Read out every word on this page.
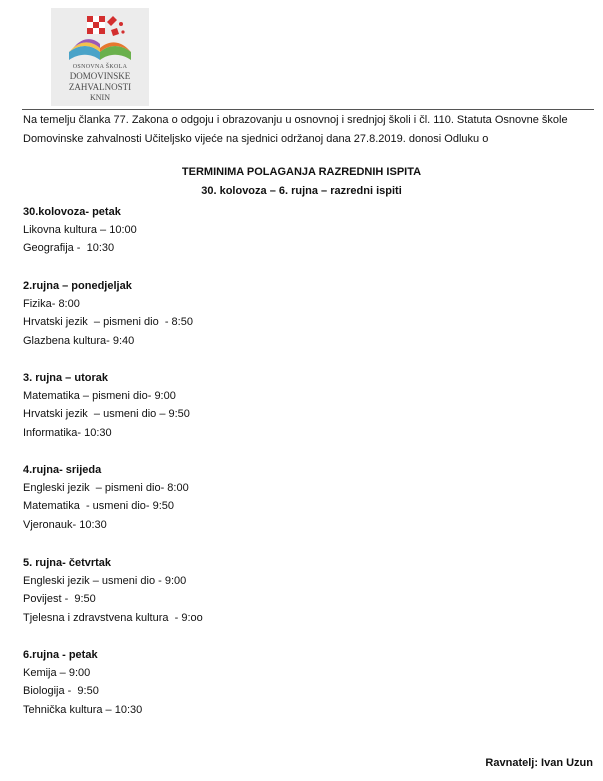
OSNOVNA ŠKOLA
DOMOVINSKE
ZAHVALNOSTI
KNIN

Na temelju članka 77. Zakona o odgoju i obrazovanju u osnovnoj i srednjoj školi i čl. 110. Statuta Osnovne škole Domovinske zahvalnosti Učiteljsko vijeće na sjednici održanoj dana 27.8.2019. donosi Odluku o

TERMINIMA POLAGANJA RAZREDNIH ISPITA

30. kolovoza – 6. rujna – razredni ispiti

30.kolovoza- petak
Likovna kultura – 10:00
Geografija -  10:30
2.rujna – ponedjeljak
Fizika- 8:00
Hrvatski jezik  – pismeni dio  - 8:50
Glazbena kultura- 9:40
3. rujna – utorak
Matematika – pismeni dio- 9:00
Hrvatski jezik  – usmeni dio – 9:50
Informatika- 10:30
4.rujna- srijeda
Engleski jezik  – pismeni dio- 8:00
Matematika  - usmeni dio- 9:50
Vjeronauk- 10:30
5. rujna- četvrtak
Engleski jezik – usmeni dio - 9:00
Povijest -  9:50
Tjelesna i zdravstvena kultura  - 9:oo
6.rujna - petak
Kemija – 9:00
Biologija -  9:50
Tehnička kultura – 10:30

Ravnatelj: Ivan Uzun
